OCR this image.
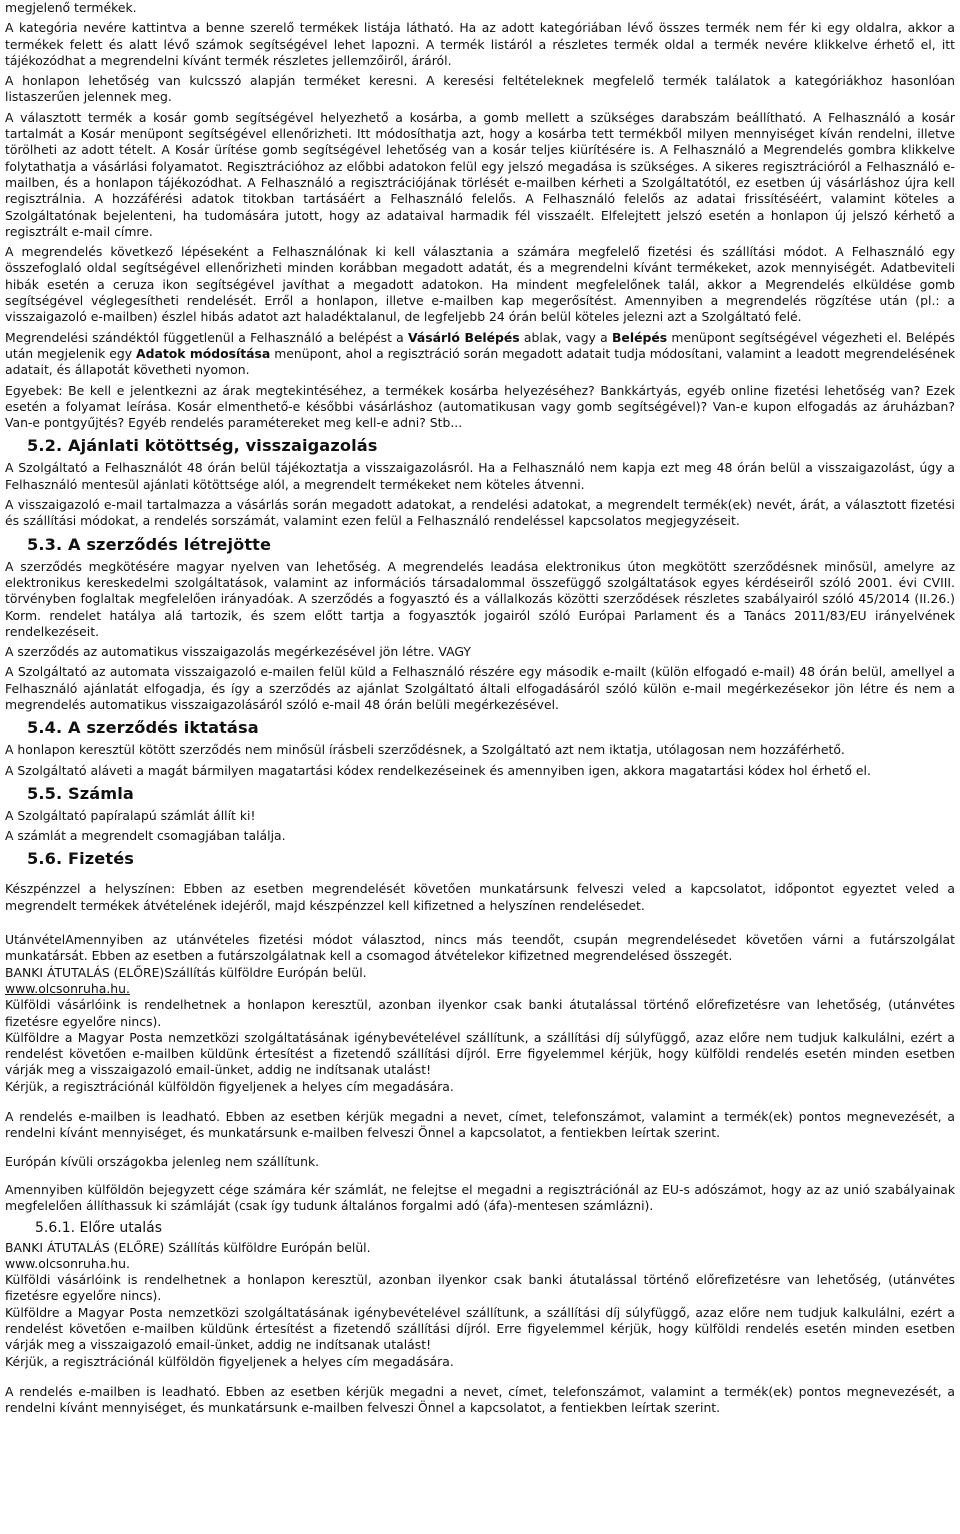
megjelenő termékek.

A kategória nevére kattintva a benne szerelő termékek listája látható. Ha az adott kategóriában lévő összes termék nem fér ki egy oldalra, akkor a termékek felett és alatt lévő számok segítségével lehet lapozni. A termék listáról a részletes termék oldal a termék nevére klikkelve érhető el, itt tájékozódhat a megrendelni kívánt termék részletes jellemzőiről, áráról.

A honlapon lehetőség van kulcsszó alapján terméket keresni. A keresési feltételeknek megfelelő termék találatok a kategóriákhoz hasonlóan listaszerűen jelennek meg.

A választott termék a kosár gomb segítségével helyezhető a kosárba, a gomb mellett a szükséges darabszám beállítható. A Felhasználó a kosár tartalmát a Kosár menüpont segítségével ellenőrizheti. Itt módosíthatja azt, hogy a kosárba tett termékből milyen mennyiséget kíván rendelni, illetve törölheti az adott tételt. A Kosár ürítése gomb segítségével lehetőség van a kosár teljes kiürítésére is. A Felhasználó a Megrendelés gombra klikkelve folytathatja a vásárlási folyamatot. Regisztrációhoz az előbbi adatokon felül egy jelszó megadása is szükséges. A sikeres regisztrációról a Felhasználó e-mailben, és a honlapon tájékozódhat. A Felhasználó a regisztrációjának törlését e-mailben kérheti a Szolgáltatótól, ez esetben új vásárláshoz újra kell regisztrálnia. A hozzáférési adatok titokban tartásáért a Felhasználó felelős. A Felhasználó felelős az adatai frissítéséért, valamint köteles a Szolgáltatónak bejelenteni, ha tudomására jutott, hogy az adataival harmadik fél visszaélt. Elfelejtett jelszó esetén a honlapon új jelszó kérhető a regisztrált e-mail címre.

A megrendelés következő lépéseként a Felhasználónak ki kell választania a számára megfelelő fizetési és szállítási módot. A Felhasználó egy összefoglaló oldal segítségével ellenőrizheti minden korábban megadott adatát, és a megrendelni kívánt termékeket, azok mennyiségét. Adatbeviteli hibák esetén a ceruza ikon segítségével javíthat a megadott adatokon. Ha mindent megfelelőnek talál, akkor a Megrendelés elküldése gomb segítségével véglegesítheti rendelését. Erről a honlapon, illetve e-mailben kap megerősítést. Amennyiben a megrendelés rögzítése után (pl.: a visszaigazoló e-mailben) észlel hibás adatot azt haladéktalanul, de legfeljebb 24 órán belül köteles jelezni azt a Szolgáltató felé.

Megrendelési szándéktól függetlenül a Felhasználó a belépést a Vásárló Belépés ablak, vagy a Belépés menüpont segítségével végezheti el. Belépés után megjelenik egy Adatok módosítása menüpont, ahol a regisztráció során megadott adatait tudja módosítani, valamint a leadott megrendelésének adatait, és állapotát követheti nyomon.

Egyebek: Be kell e jelentkezni az árak megtekintéséhez, a termékek kosárba helyezéséhez? Bankkártyás, egyéb online fizetési lehetőség van? Ezek esetén a folyamat leírása. Kosár elmenthető-e későbbi vásárláshoz (automatikusan vagy gomb segítségével)? Van-e kupon elfogadás az áruházban? Van-e pontgyűjtés? Egyéb rendelés paramétereket meg kell-e adni? Stb...

5.2. Ajánlati kötöttség, visszaigazolás

A Szolgáltató a Felhasználót 48 órán belül tájékoztatja a visszaigazolásról. Ha a Felhasználó nem kapja ezt meg 48 órán belül a visszaigazolást, úgy a Felhasználó mentesül ajánlati kötöttsége alól, a megrendelt termékeket nem köteles átvenni.

A visszaigazoló e-mail tartalmazza a vásárlás során megadott adatokat, a rendelési adatokat, a megrendelt termék(ek) nevét, árát, a választott fizetési és szállítási módokat, a rendelés sorszámát, valamint ezen felül a Felhasználó rendeléssel kapcsolatos megjegyzéseit.

5.3. A szerződés létrejötte

A szerződés megkötésére magyar nyelven van lehetőség. A megrendelés leadása elektronikus úton megkötött szerződésnek minősül, amelyre az elektronikus kereskedelmi szolgáltatások, valamint az információs társadalommal összefüggő szolgáltatások egyes kérdéseiről szóló 2001. évi CVIII. törvényben foglaltak megfelelően irányadóak. A szerződés a fogyasztó és a vállalkozás közötti szerződések részletes szabályairól szóló 45/2014 (II.26.) Korm. rendelet hatálya alá tartozik, és szem előtt tartja a fogyasztók jogairól szóló Európai Parlament és a Tanács 2011/83/EU irányelvének rendelkezéseit.

A szerződés az automatikus visszaigazolás megérkezésével jön létre. VAGY

A Szolgáltató az automata visszaigazoló e-mailen felül küld a Felhasználó részére egy második e-mailt (külön elfogadó e-mail) 48 órán belül, amellyel a Felhasználó ajánlatát elfogadja, és így a szerződés az ajánlat Szolgáltató általi elfogadásáról szóló külön e-mail megérkezésekor jön létre és nem a megrendelés automatikus visszaigazolásáról szóló e-mail 48 órán belüli megérkezésével.

5.4. A szerződés iktatása

A honlapon keresztül kötött szerződés nem minősül írásbeli szerződésnek, a Szolgáltató azt nem iktatja, utólagosan nem hozzáférhető.

A Szolgáltató aláveti a magát bármilyen magatartási kódex rendelkezéseinek és amennyiben igen, akkora magatartási kódex hol érhető el.

5.5. Számla

A Szolgáltató papíralapú számlát állít ki!

A számlát a megrendelt csomagjában találja.

5.6. Fizetés

Készpénzzel a helyszínen: Ebben az esetben megrendelését követően munkatársunk felveszi veled a kapcsolatot, időpontot egyeztet veled a megrendelt termékek átvételének idejéről, majd készpénzzel kell kifizetned a helyszínen rendelésedet.

UtánvételAmennyiben az utánvételes fizetési módot választod, nincs más teendőt, csupán megrendelésedet követően várni a futárszolgálat munkatársát. Ebben az esetben a futárszolgálatnak kell a csomagod átvételekor kifizetned megrendelésed összegét.
BANKI ÁTUTALÁS (ELŐRE)Szállítás külföldre Európán belül.
www.olcsonruha.hu.
Külföldi vásárlóink is rendelhetnek a honlapon keresztül, azonban ilyenkor csak banki átutalással történő előrefizetésre van lehetőség, (utánvétes fizetésre egyelőre nincs).
Külföldre a Magyar Posta nemzetközi szolgáltatásának igénybevételével szállítunk, a szállítási díj súlyfüggő, azaz előre nem tudjuk kalkulálni, ezért a rendelést követően e-mailben küldünk értesítést a fizetendő szállítási díjról. Erre figyelemmel kérjük, hogy külföldi rendelés esetén minden esetben várják meg a visszaigazoló email-ünket, addig ne indítsanak utalást!
Kérjük, a regisztrációnál külföldön figyeljenek a helyes cím megadására.

A rendelés e-mailben is leadható. Ebben az esetben kérjük megadni a nevet, címet, telefonszámot, valamint a termék(ek) pontos megnevezését, a rendelni kívánt mennyiséget, és munkatársunk e-mailben felveszi Önnel a kapcsolatot, a fentiekben leírtak szerint.

Európán kívüli országokba jelenleg nem szállítunk.

Amennyiben külföldön bejegyzett cége számára kér számlát, ne felejtse el megadni a regisztrációnál az EU-s adószámot, hogy az az unió szabályainak megfelelően állíthassuk ki számláját (csak így tudunk általános forgalmi adó (áfa)-mentesen számlázni).

5.6.1. Előre utalás

BANKI ÁTUTALÁS (ELŐRE) Szállítás külföldre Európán belül.
www.olcsonruha.hu.
Külföldi vásárlóink is rendelhetnek a honlapon keresztül, azonban ilyenkor csak banki átutalással történő előrefizetésre van lehetőség, (utánvétes fizetésre egyelőre nincs).
Külföldre a Magyar Posta nemzetközi szolgáltatásának igénybevételével szállítunk, a szállítási díj súlyfüggő, azaz előre nem tudjuk kalkulálni, ezért a rendelést követően e-mailben küldünk értesítést a fizetendő szállítási díjról. Erre figyelemmel kérjük, hogy külföldi rendelés esetén minden esetben várják meg a visszaigazoló email-ünket, addig ne indítsanak utalást!
Kérjük, a regisztrációnál külföldön figyeljenek a helyes cím megadására.

A rendelés e-mailben is leadható. Ebben az esetben kérjük megadni a nevet, címet, telefonszámot, valamint a termék(ek) pontos megnevezését, a rendelni kívánt mennyiséget, és munkatársunk e-mailben felveszi Önnel a kapcsolatot, a fentiekben leírtak szerint.
